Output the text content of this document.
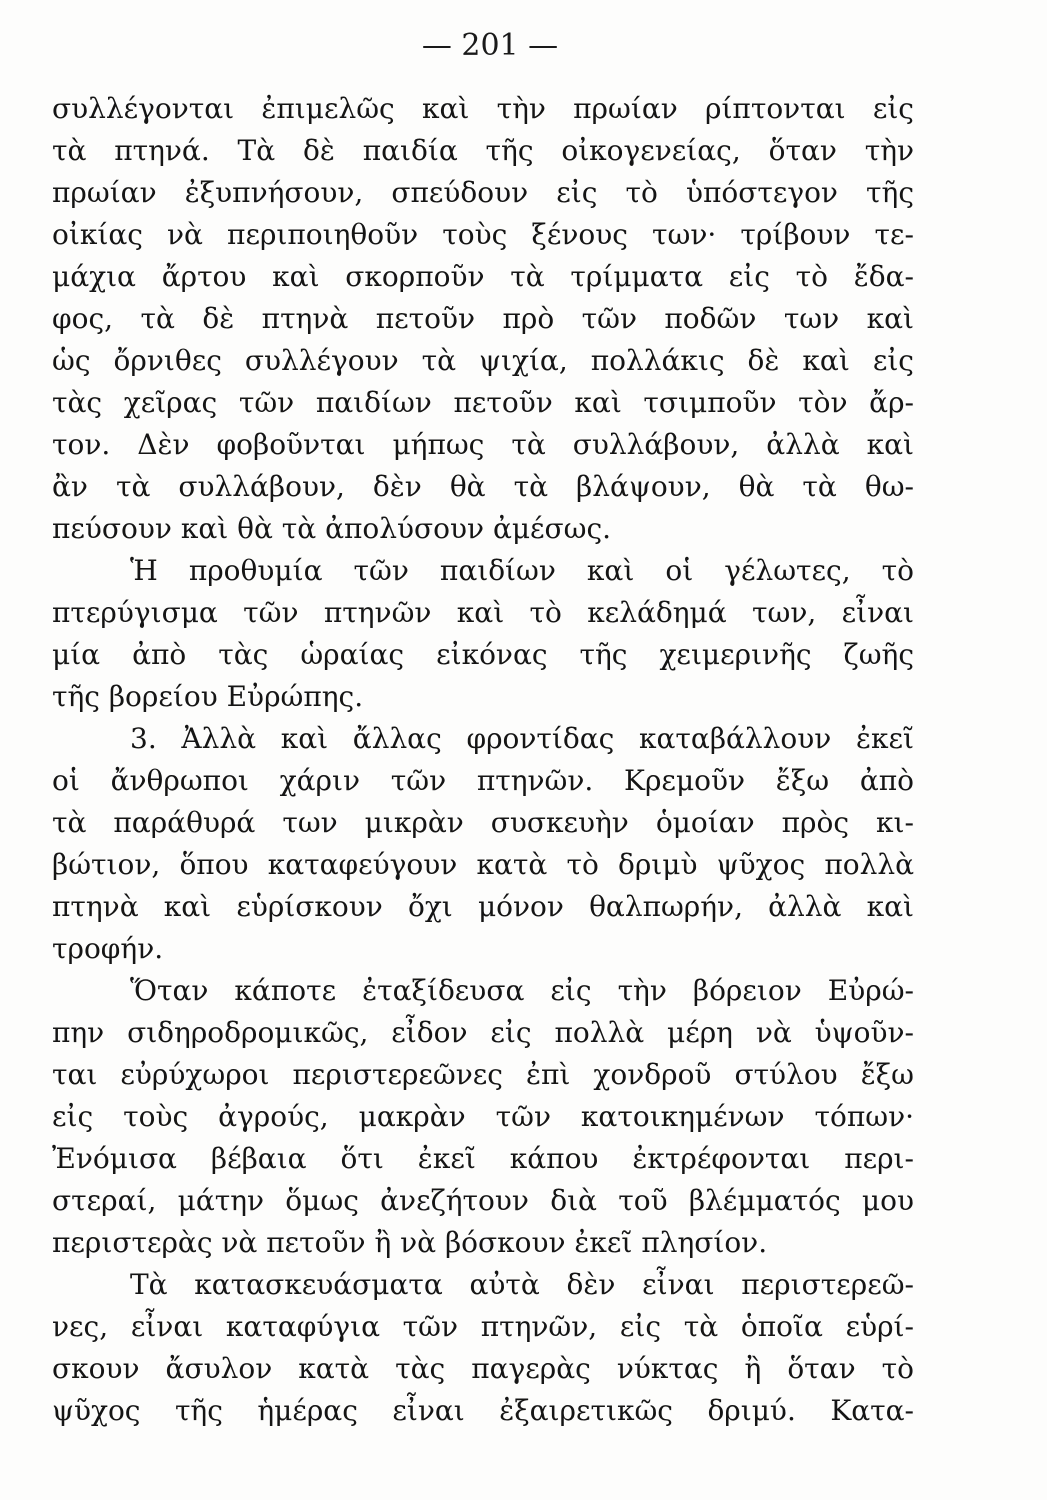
— 201 —
συλλέγονται ἐπιμελῶς καὶ τὴν πρωίαν ρίπτονται εἰς
τὰ πτηνά. Τὰ δὲ παιδία τῆς οἰκογενείας, ὅταν τὴν
πρωίαν ἐξυπνήσουν, σπεύδουν εἰς τὸ ὑπόστεγον τῆς
οἰκίας νὰ περιποιηθοῦν τοὺς ξένους των· τρίβουν τε-
μάχια ἄρτου καὶ σκορποῦν τὰ τρίμματα εἰς τὸ ἔδα-
φος, τὰ δὲ πτηνὰ πετοῦν πρὸ τῶν ποδῶν των καὶ
ὡς ὄρνιθες συλλέγουν τὰ ψιχία, πολλάκις δὲ καὶ εἰς
τὰς χεῖρας τῶν παιδίων πετοῦν καὶ τσιμποῦν τὸν ἄρ-
τον. Δὲν φοβοῦνται μήπως τὰ συλλάβουν, ἀλλὰ καὶ
ἂν τὰ συλλάβουν, δὲν θὰ τὰ βλάψουν, θὰ τὰ θω-
πεύσουν καὶ θὰ τὰ ἀπολύσουν ἀμέσως.
Ἡ προθυμία τῶν παιδίων καὶ οἱ γέλωτες, τὸ
πτερύγισμα τῶν πτηνῶν καὶ τὸ κελάδημά των, εἶναι
μία ἀπὸ τὰς ὡραίας εἰκόνας τῆς χειμερινῆς ζωῆς
τῆς βορείου Εὐρώπης.
3. Ἀλλὰ καὶ ἄλλας φροντίδας καταβάλλουν ἐκεῖ
οἱ ἄνθρωποι χάριν τῶν πτηνῶν. Κρεμοῦν ἔξω ἀπὸ
τὰ παράθυρά των μικρὰν συσκευὴν ὁμοίαν πρὸς κι-
βώτιον, ὅπου καταφεύγουν κατὰ τὸ δριμὺ ψῦχος πολλὰ
πτηνὰ καὶ εὑρίσκουν ὄχι μόνον θαλπωρήν, ἀλλὰ καὶ
τροφήν.
Ὅταν κάποτε ἐταξίδευσα εἰς τὴν βόρειον Εὐρώ-
πην σιδηροδρομικῶς, εἶδον εἰς πολλὰ μέρη νὰ ὑψοῦν-
ται εὐρύχωροι περιστερεῶνες ἐπὶ χονδροῦ στύλου ἔξω
εἰς τοὺς ἀγρούς, μακρὰν τῶν κατοικημένων τόπων·
Ἐνόμισα βέβαια ὅτι ἐκεῖ κάπου ἐκτρέφονται περι-
στεραί, μάτην ὅμως ἀνεζήτουν διὰ τοῦ βλέμματός μου
περιστερὰς νὰ πετοῦν ἢ νὰ βόσκουν ἐκεῖ πλησίον.
Τὰ κατασκευάσματα αὐτὰ δὲν εἶναι περιστερεῶ-
νες, εἶναι καταφύγια τῶν πτηνῶν, εἰς τὰ ὁποῖα εὑρί-
σκουν ἄσυλον κατὰ τὰς παγερὰς νύκτας ἢ ὅταν τὸ
ψῦχος τῆς ἡμέρας εἶναι ἐξαιρετικῶς δριμύ. Κατα-
